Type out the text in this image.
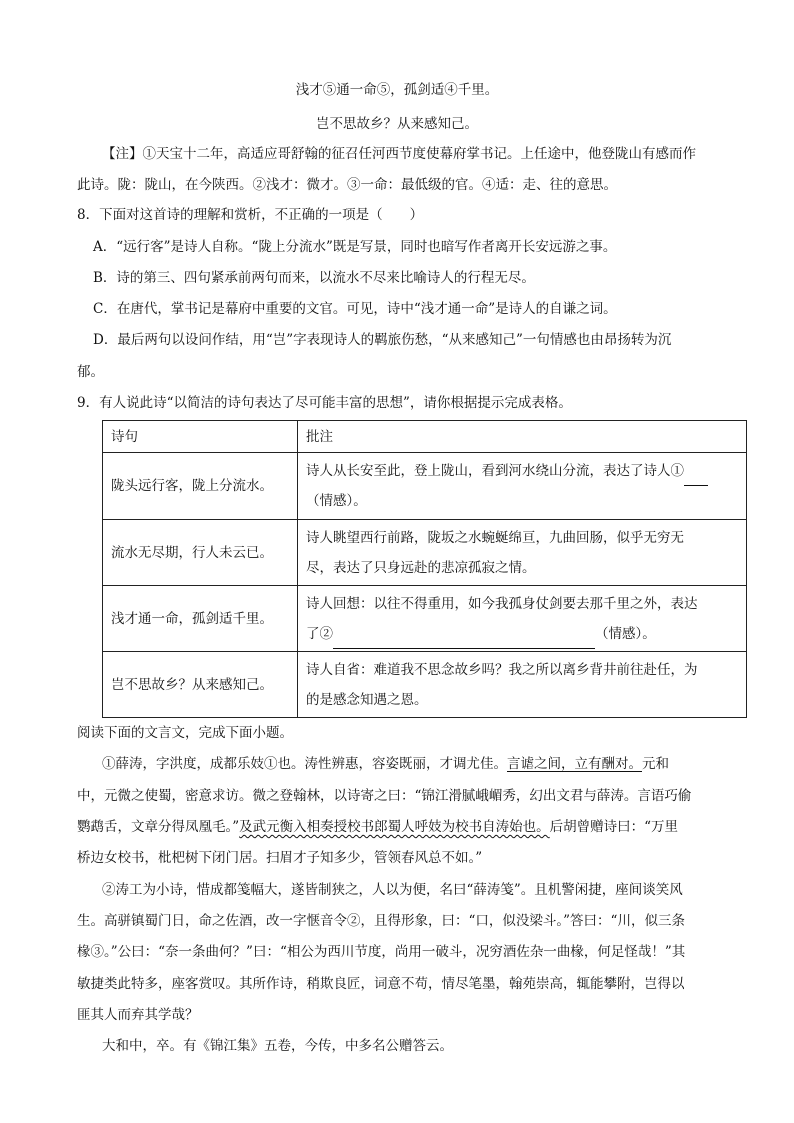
浅才⑤通一命⑤，孤剑适④千里。
岂不思故乡？从来感知己。
【注】①天宝十二年，高适应哥舒翰的征召任河西节度使幕府掌书记。上任途中，他登陇山有感而作
此诗。陇：陇山，在今陕西。②浅才：微才。③一命：最低级的官。④适：走、往的意思。
8．下面对这首诗的理解和赏析，不正确的一项是（　　）
A．“远行客”是诗人自称。“陇上分流水”既是写景，同时也暗写作者离开长安远游之事。
B．诗的第三、四句紧承前两句而来，以流水不尽来比喻诗人的行程无尽。
C．在唐代，掌书记是幕府中重要的文官。可见，诗中“浅才通一命”是诗人的自谦之词。
D．最后两句以设问作结，用“岂”字表现诗人的羁旅伤愁，“从来感知己”一句情感也由昂扬转为沉
郁。
9．有人说此诗“以简洁的诗句表达了尽可能丰富的思想”，请你根据提示完成表格。
诗句	批注
陇头远行客，陇上分流水。	诗人从长安至此，登上陇山，看到河水绕山分流，表达了诗人①
（情感）。

流水无尽期，行人未云已。	诗人眺望西行前路，陇坂之水蜿蜒绵亘，九曲回肠，似乎无穷无
尽，表达了只身远赴的悲凉孤寂之情。

浅才通一命，孤剑适千里。	诗人回想：以往不得重用，如今我孤身仗剑要去那千里之外，表达
了② （情感）。

岂不思故乡？从来感知己。	诗人自省：难道我不思念故乡吗？我之所以离乡背井前往赴任，为
的是感念知遇之恩。
阅读下面的文言文，完成下面小题。
①薛涛，字洪度，成都乐妓①也。涛性辨惠，容姿既丽，才调尤佳。言谑之间，立有酬对。元和
中，元微之使蜀，密意求访。微之登翰林，以诗寄之曰：“锦江滑腻峨嵋秀，幻出文君与薛涛。言语巧偷
鹦鹉舌，文章分得凤凰毛。”及武元衡入相奏授校书郎蜀人呼妓为校书自涛始也。后胡曾赠诗曰：“万里
桥边女校书，枇杷树下闭门居。扫眉才子知多少，管领春风总不如。”
②涛工为小诗，惜成都笺幅大，遂皆制狭之，人以为便，名曰“薛涛笺”。且机警闲捷，座间谈笑风
生。高骈镇蜀门日，命之佐酒，改一字惬音令②，且得形象，曰：“口，似没梁斗。”答曰：“川，似三条
椽③。”公曰：“奈一条曲何？”曰：“相公为西川节度，尚用一破斗，况穷酒佐杂一曲椽，何足怪哉！”其
敏捷类此特多，座客赏叹。其所作诗，稍欺良匠，词意不苟，情尽笔墨，翰苑崇高，辄能攀附，岂得以
匪其人而弃其学哉？
大和中，卒。有《锦江集》五卷，今传，中多名公赠答云。
